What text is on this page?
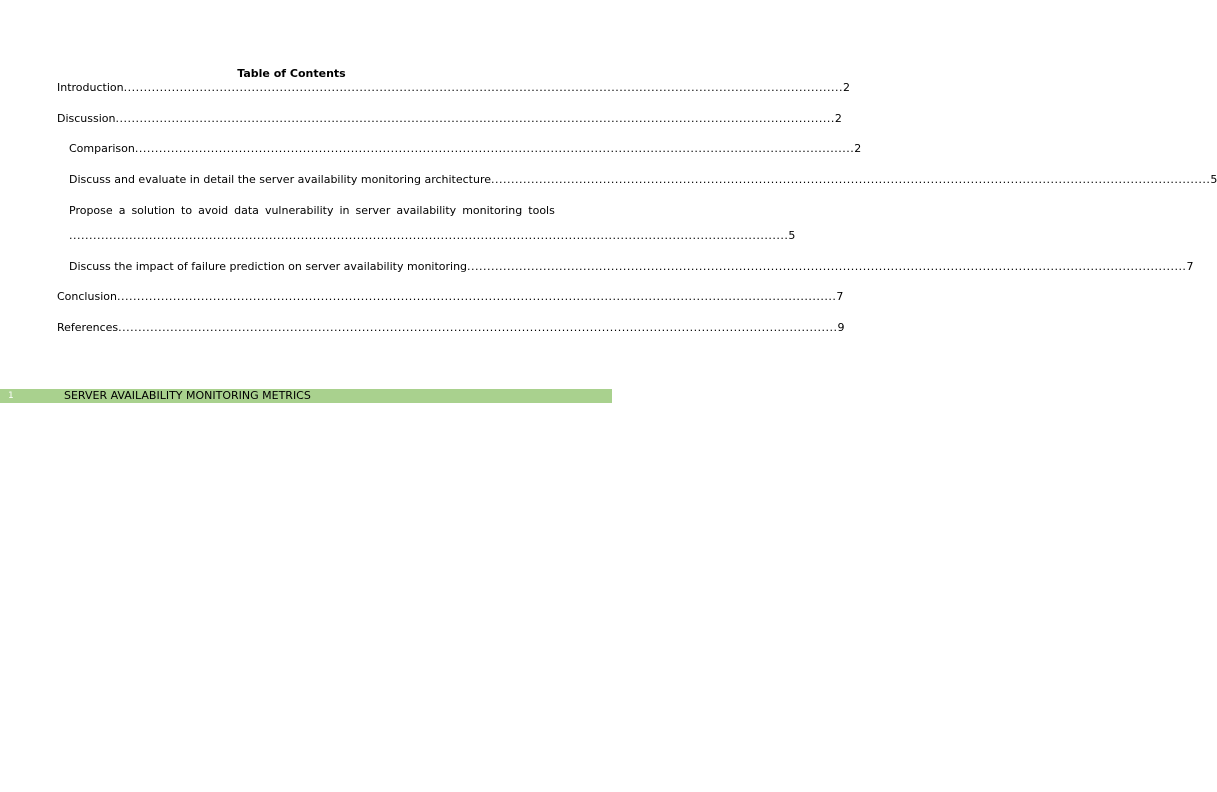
Table of Contents
Introduction .................................................................................................................................................................................... 2
Discussion .................................................................................................................................................................................... 2
Comparison .................................................................................................................................................................................... 2
Discuss and evaluate in detail the server availability monitoring architecture .................................................................................................................................................................................... 5
Propose a solution to avoid data vulnerability in server availability monitoring tools
.................................................................................................................................................................................... 5
Discuss the impact of failure prediction on server availability monitoring .................................................................................................................................................................................... 7
Conclusion .................................................................................................................................................................................... 7
References .................................................................................................................................................................................... 9
1	SERVER AVAILABILITY MONITORING METRICS
